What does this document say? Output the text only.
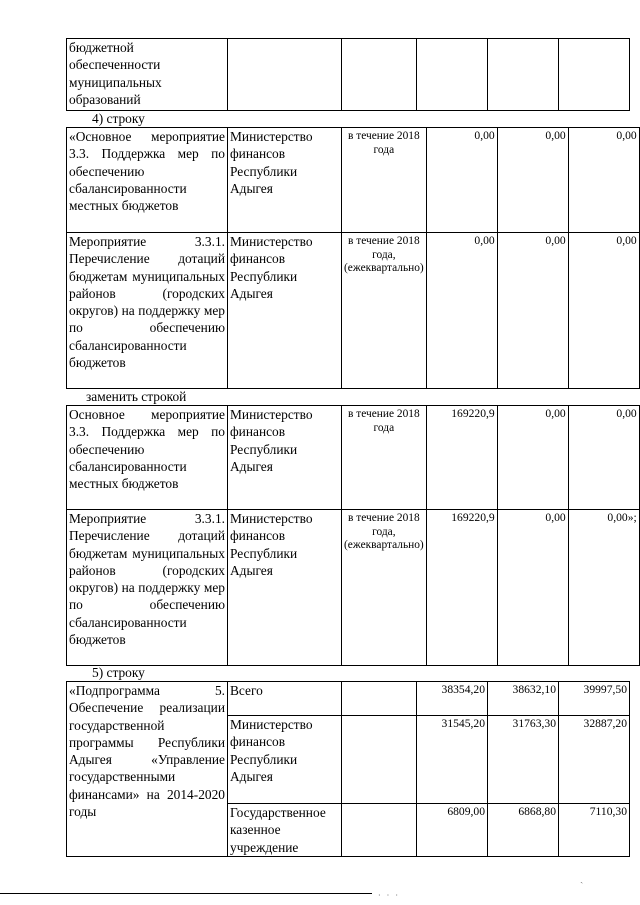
бюджетной обеспеченности муниципальных образований					
4) строку
«Основное мероприятие 3.3. Поддержка мер по обеспечению сбалансированности местных бюджетов	Министерство финансов Республики Адыгея	в течение 2018 года	0,00	0,00	0,00
Мероприятие 3.3.1. Перечисление дотаций бюджетам муниципальных районов (городских округов) на поддержку мер по обеспечению сбалансированности бюджетов	Министерство финансов Республики Адыгея	в течение 2018 года, (ежеквартально)	0,00	0,00	0,00
заменить строкой
Основное мероприятие 3.3. Поддержка мер по обеспечению сбалансированности местных бюджетов	Министерство финансов Республики Адыгея	в течение 2018 года	169220,9	0,00	0,00
Мероприятие 3.3.1. Перечисление дотаций бюджетам муниципальных районов (городских округов) на поддержку мер по обеспечению сбалансированности бюджетов	Министерство финансов Республики Адыгея	в течение 2018 года, (ежеквартально)	169220,9	0,00	0,00»;
5) строку
«Подпрограмма 5. Обеспечение реализации государственной программы Республики Адыгея «Управление государственными финансами» на 2014-2020 годы	Всего		38354,20	38632,10	39997,50
	Министерство финансов Республики Адыгея		31545,20	31763,30	32887,20
	Государственное казенное учреждение		6809,00	6868,80	7110,30
ˏ
· · ·
